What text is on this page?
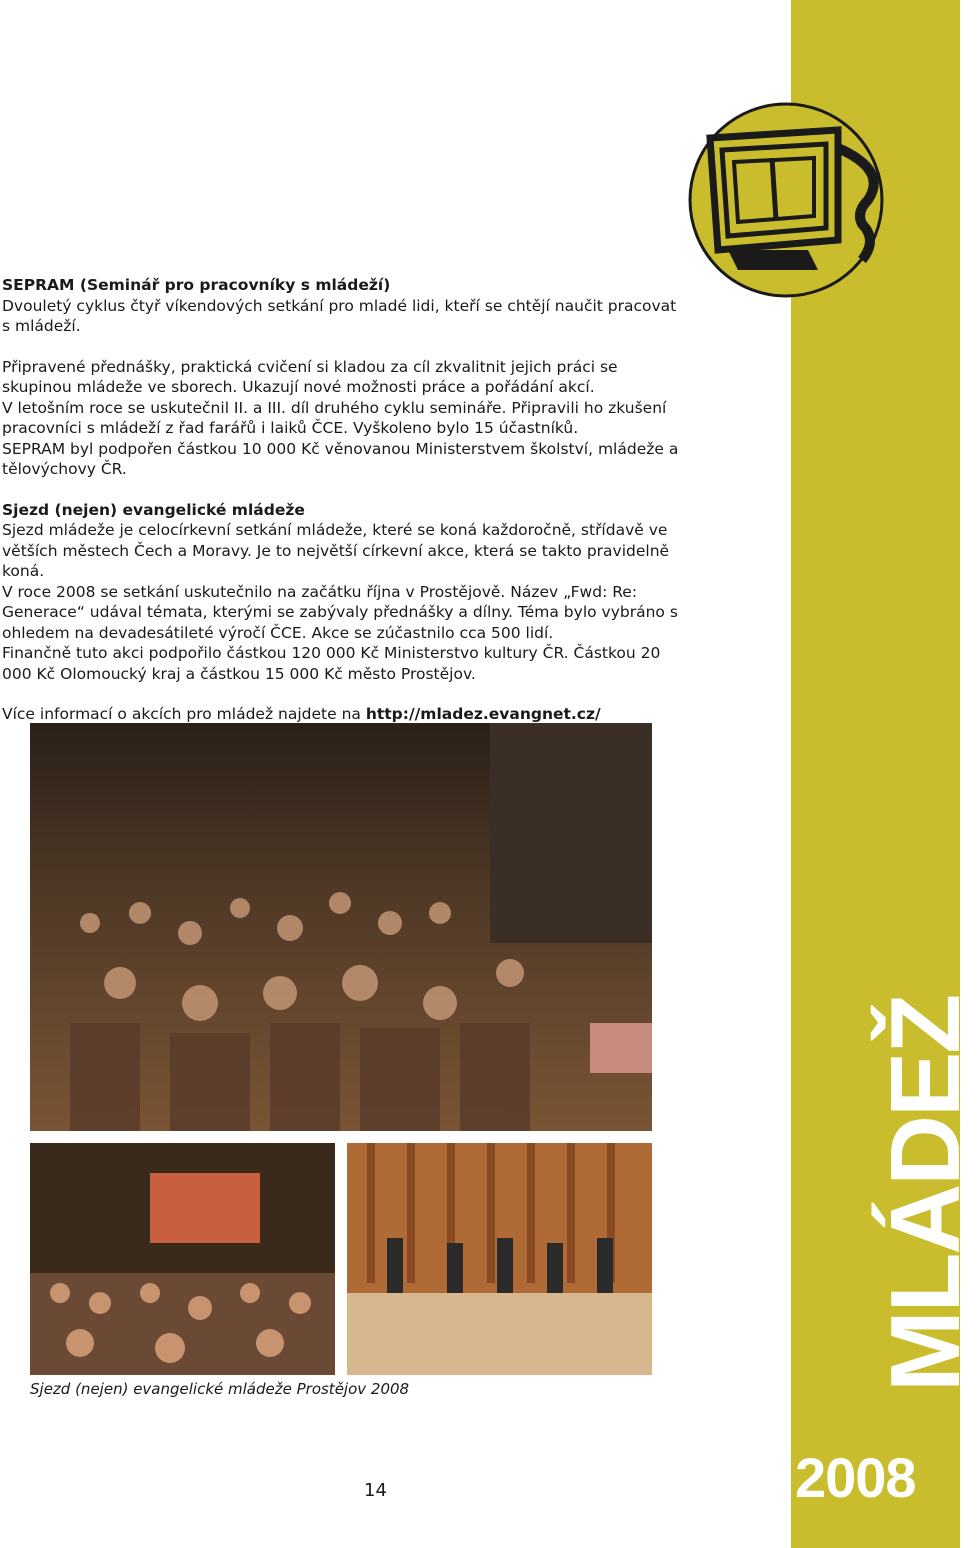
MLÁDEŽ
2008

SEPRAM (Seminář pro pracovníky s mládeží)

Dvouletý cyklus čtyř víkendových setkání pro mladé lidi, kteří se chtějí naučit pracovat s mládeží.

Připravené přednášky, praktická cvičení si kladou za cíl zkvalitnit jejich práci se skupinou mládeže ve sborech. Ukazují nové možnosti práce a pořádání akcí.

V letošním roce se uskutečnil II. a III. díl druhého cyklu semináře. Připravili ho zkušení pracovníci s mládeží z řad farářů i laiků ČCE. Vyškoleno bylo 15 účastníků.

SEPRAM byl podpořen částkou 10 000 Kč věnovanou Ministerstvem školství, mládeže a tělovýchovy ČR.

Sjezd (nejen) evangelické mládeže

Sjezd mládeže je celocírkevní setkání mládeže, které se koná každoročně, střídavě ve větších městech Čech a Moravy. Je to největší církevní akce, která se takto pravidelně koná.

V roce 2008 se setkání uskutečnilo na začátku října v Prostějově. Název „Fwd: Re: Generace“ udával témata, kterými se zabývaly přednášky a dílny. Téma bylo vybráno s ohledem na devadesátileté výročí ČCE. Akce se zúčastnilo cca 500 lidí.

Finančně tuto akci podpořilo částkou 120 000 Kč Ministerstvo kultury ČR. Částkou 20 000 Kč Olomoucký kraj a částkou 15 000 Kč město Prostějov.

Více informací o akcích pro mládež najdete na http://mladez.evangnet.cz/

Sjezd (nejen) evangelické mládeže Prostějov 2008
14
